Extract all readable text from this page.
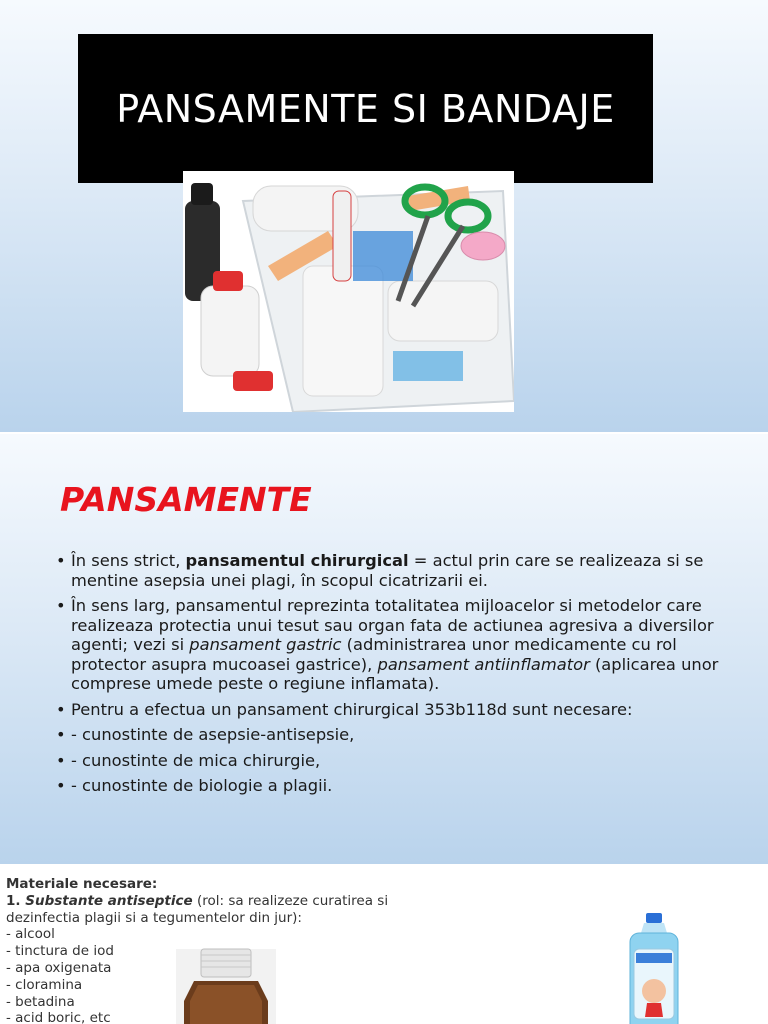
PANSAMENTE SI BANDAJE
PANSAMENTE
• În sens strict, pansamentul chirurgical = actul prin care se realizeaza si se mentine asepsia unei plagi, în scopul cicatrizarii ei.
• În sens larg, pansamentul reprezinta totalitatea mijloacelor si metodelor care realizeaza protectia unui tesut sau organ fata de actiunea agresiva a diversilor agenti; vezi si pansament gastric (administrarea unor medicamente cu rol protector asupra mucoasei gastrice), pansament antiinflamator (aplicarea unor comprese umede peste o regiune inflamata).
• Pentru a efectua un pansament chirurgical 353b118d sunt necesare:
• - cunostinte de asepsie-antisepsie,
• - cunostinte de mica chirurgie,
• - cunostinte de biologie a plagii.
Materiale necesare:
1. Substante antiseptice (rol: sa realizeze curatirea si dezinfectia plagii si a tegumentelor din jur):
- alcool
- tinctura de iod
- apa oxigenata
- cloramina
- betadina
- acid boric, etc
